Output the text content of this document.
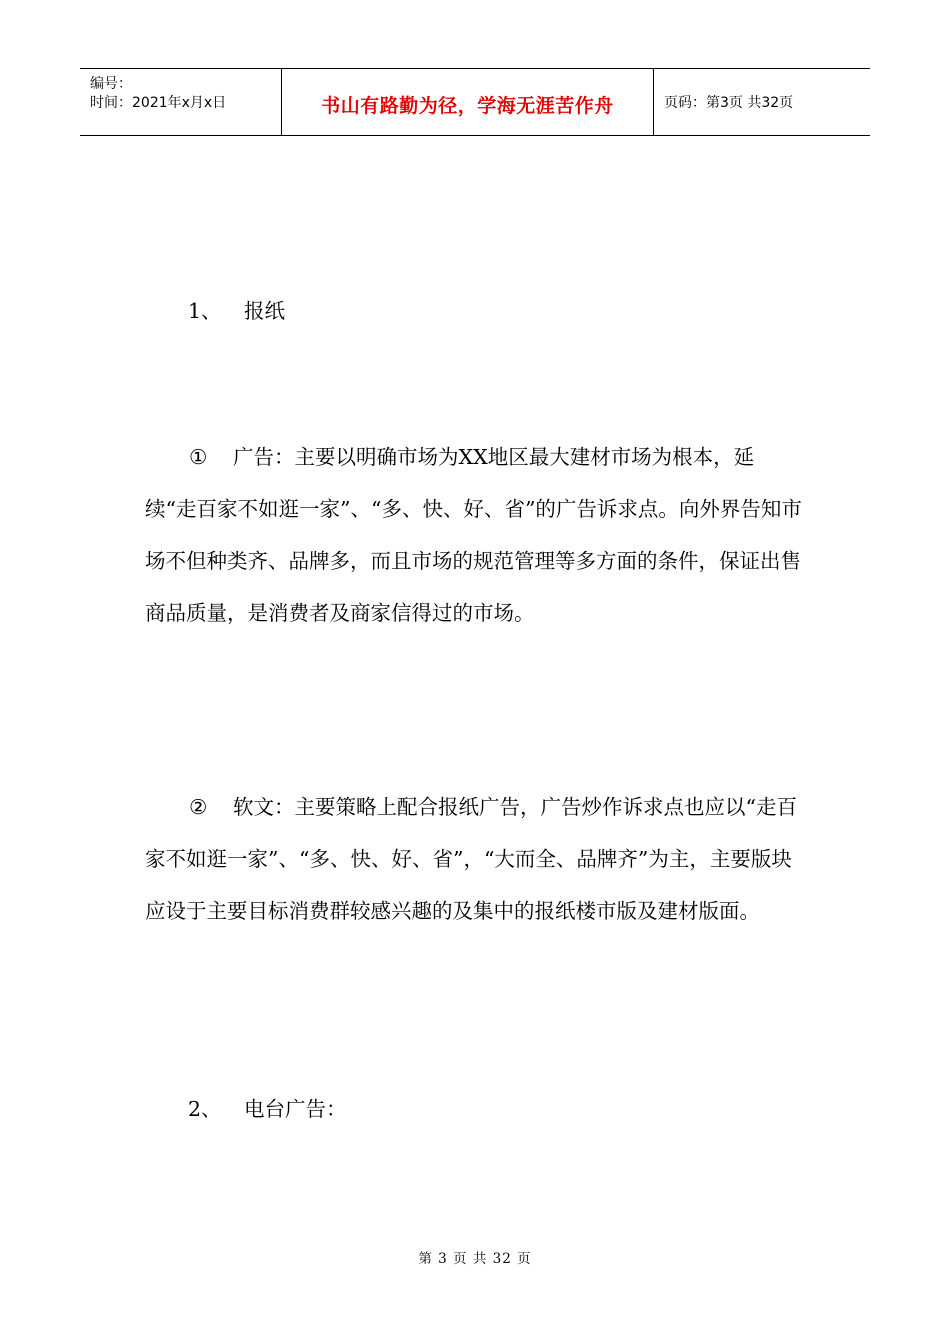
编号：
时间：2021年x月x日	书山有路勤为径，学海无涯苦作舟	页码：第3页 共32页
1、 报纸

① 广告：主要以明确市场为XX地区最大建材市场为根本，延续“走百家不如逛一家”、“多、快、好、省”的广告诉求点。向外界告知市场不但种类齐、品牌多，而且市场的规范管理等多方面的条件，保证出售商品质量，是消费者及商家信得过的市场。

② 软文：主要策略上配合报纸广告，广告炒作诉求点也应以“走百家不如逛一家”、“多、快、好、省”，“大而全、品牌齐”为主，主要版块应设于主要目标消费群较感兴趣的及集中的报纸楼市版及建材版面。

2、 电台广告：
第 3 页 共 32 页
